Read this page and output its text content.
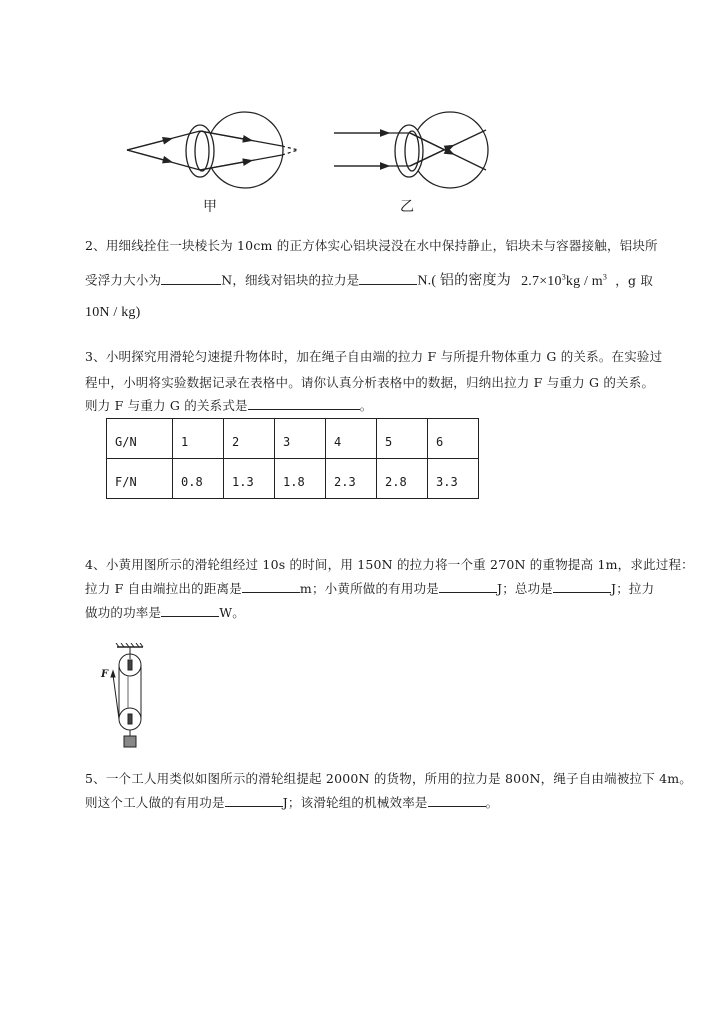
甲	乙
2、用细线拴住一块棱长为 10cm 的正方体实心铝块浸没在水中保持静止，铝块未与容器接触，铝块所
受浮力大小为	N，细线对铝块的拉力是	N.( 铝的密度为 $2.7\times 10^3kg / m^3$ ，g 取
10N / kg)
3、小明探究用滑轮匀速提升物体时，加在绳子自由端的拉力 F 与所提升物体重力 G 的关系。在实验过
程中，小明将实验数据记录在表格中。请你认真分析表格中的数据，归纳出拉力 F 与重力 G 的关系。
则力 F 与重力 G 的关系式是	。
G/N	1	2	3	4	5	6
F/N	0.8	1.3	1.8	2.3	2.8	3.3
4、小黄用图所示的滑轮组经过 10s 的时间，用 150N 的拉力将一个重 270N 的重物提高 1m，求此过程：
拉力 F 自由端拉出的距离是	m；小黄所做的有用功是	J；总功是	J；拉力
做功的功率是	W。
F
5、一个工人用类似如图所示的滑轮组提起 2000N 的货物，所用的拉力是 800N，绳子自由端被拉下 4m。
则这个工人做的有用功是	J；该滑轮组的机械效率是	。
